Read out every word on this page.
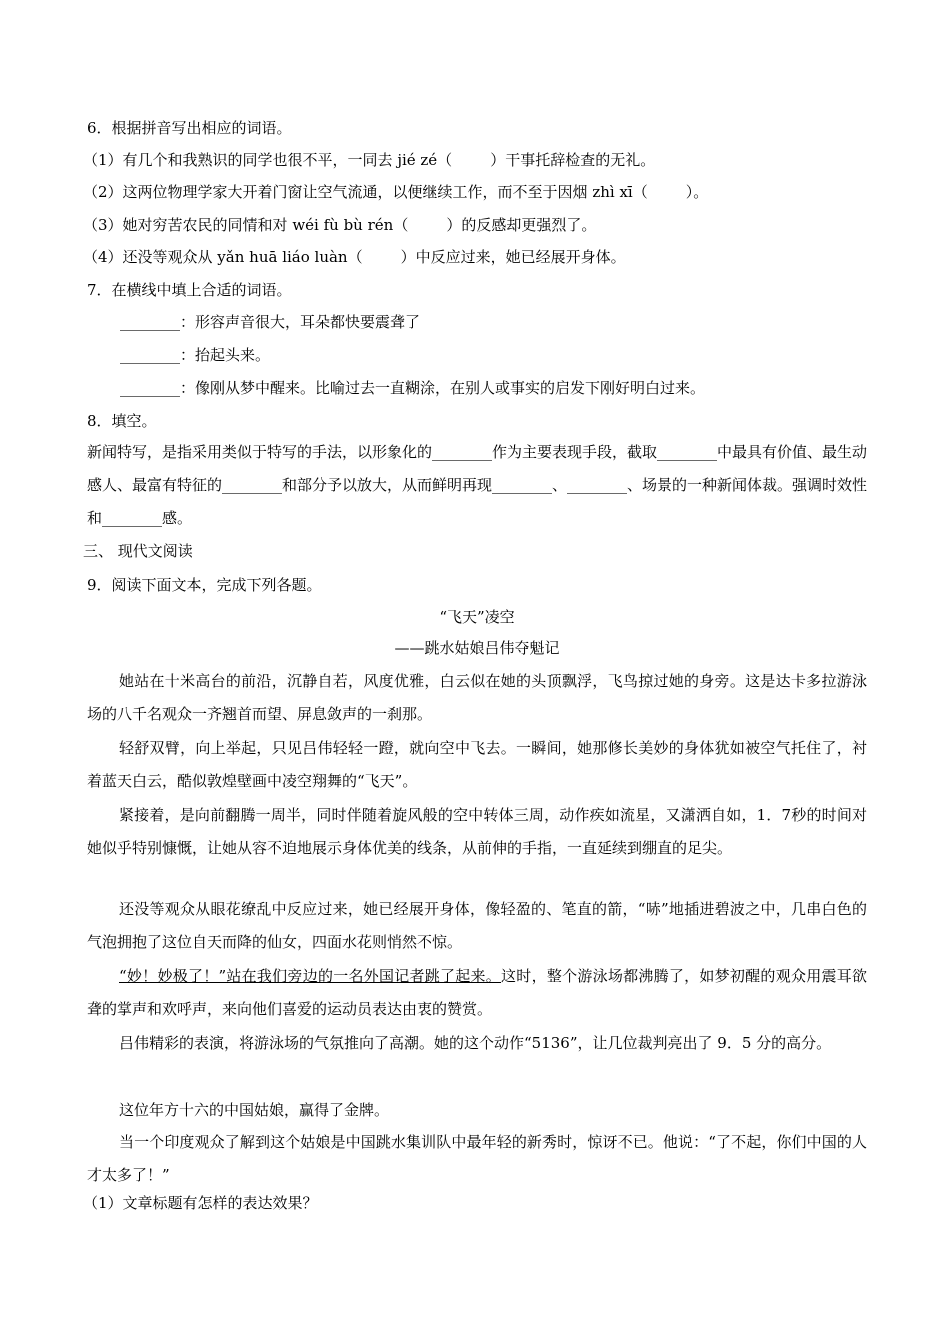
6．根据拼音写出相应的词语。
（1）有几个和我熟识的同学也很不平，一同去 jié zé（	）干事托辞检查的无礼。
（2）这两位物理学家大开着门窗让空气流通，以便继续工作，而不至于因烟 zhì xī（	）。
（3）她对穷苦农民的同情和对 wéi fù bù rén（	）的反感却更强烈了。
（4）还没等观众从 yǎn huā liáo luàn（	）中反应过来，她已经展开身体。
7．在横线中填上合适的词语。
________：形容声音很大，耳朵都快要震聋了
________：抬起头来。
________：像刚从梦中醒来。比喻过去一直糊涂，在别人或事实的启发下刚好明白过来。
8．填空。
新闻特写，是指采用类似于特写的手法，以形象化的________作为主要表现手段，截取________中最具有价值、最生动感人、最富有特征的________和部分予以放大，从而鲜明再现________、________、场景的一种新闻体裁。强调时效性和________感。
三、 现代文阅读
9．阅读下面文本，完成下列各题。
“飞天”凌空
——跳水姑娘吕伟夺魁记
她站在十米高台的前沿，沉静自若，风度优雅，白云似在她的头顶飘浮，飞鸟掠过她的身旁。这是达卡多拉游泳场的八千名观众一齐翘首而望、屏息敛声的一刹那。
轻舒双臂，向上举起，只见吕伟轻轻一蹬，就向空中飞去。一瞬间，她那修长美妙的身体犹如被空气托住了，衬着蓝天白云，酷似敦煌壁画中凌空翔舞的“飞天”。
紧接着，是向前翻腾一周半，同时伴随着旋风般的空中转体三周，动作疾如流星，又潇洒自如，1．7秒的时间对她似乎特别慷慨，让她从容不迫地展示身体优美的线条，从前伸的手指，一直延续到绷直的足尖。
还没等观众从眼花缭乱中反应过来，她已经展开身体，像轻盈的、笔直的箭，“哧”地插进碧波之中，几串白色的气泡拥抱了这位自天而降的仙女，四面水花则悄然不惊。
“妙！妙极了！”站在我们旁边的一名外国记者跳了起来。这时，整个游泳场都沸腾了，如梦初醒的观众用震耳欲聋的掌声和欢呼声，来向他们喜爱的运动员表达由衷的赞赏。
吕伟精彩的表演，将游泳场的气氛推向了高潮。她的这个动作“5136”，让几位裁判亮出了 9．5 分的高分。
这位年方十六的中国姑娘，赢得了金牌。
当一个印度观众了解到这个姑娘是中国跳水集训队中最年轻的新秀时，惊讶不已。他说：“了不起，你们中国的人才太多了！”
（1）文章标题有怎样的表达效果？
